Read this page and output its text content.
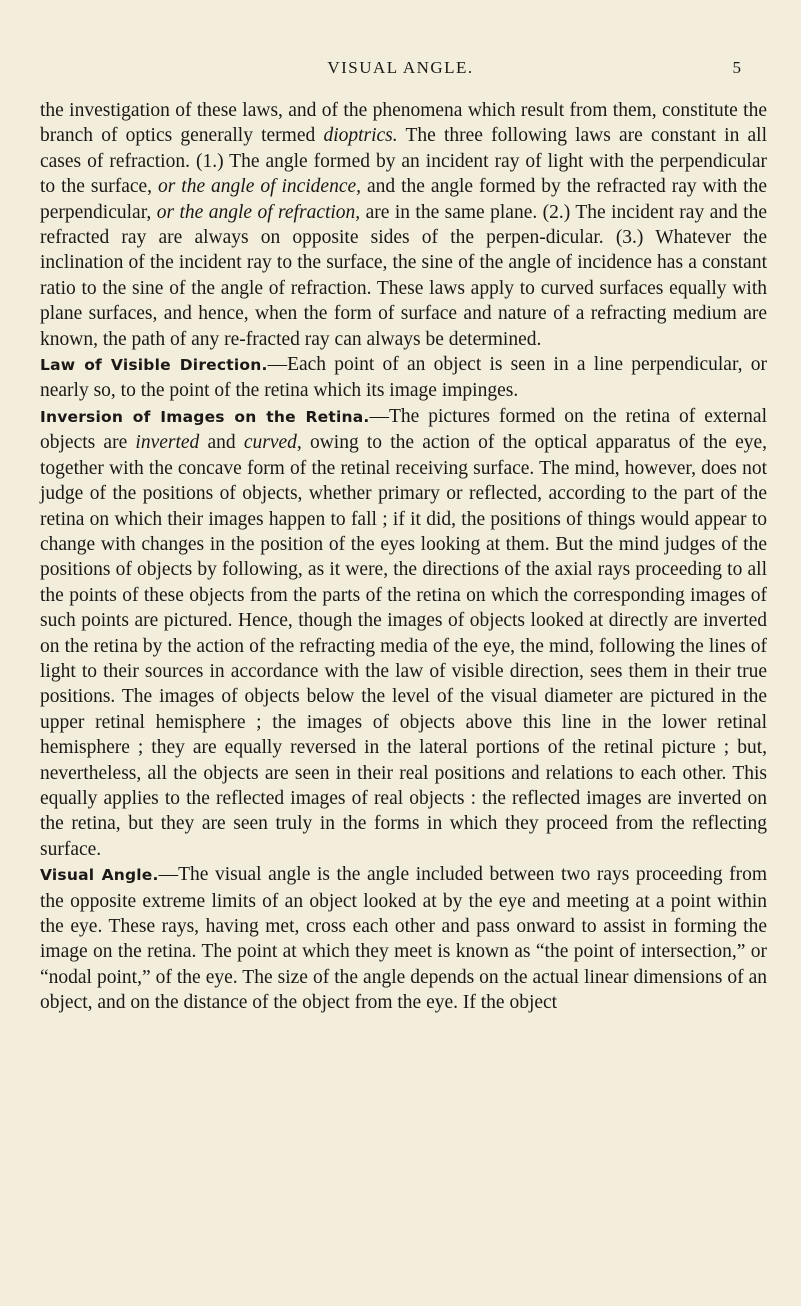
VISUAL ANGLE.	5

the investigation of these laws, and of the phenomena which result from them, constitute the branch of optics generally termed dioptrics. The three following laws are constant in all cases of refraction. (1.) The angle formed by an incident ray of light with the perpendicular to the surface, or the angle of incidence, and the angle formed by the refracted ray with the perpendicular, or the angle of refraction, are in the same plane. (2.) The incident ray and the refracted ray are always on opposite sides of the perpen-dicular. (3.) Whatever the inclination of the incident ray to the surface, the sine of the angle of incidence has a constant ratio to the sine of the angle of refraction. These laws apply to curved surfaces equally with plane surfaces, and hence, when the form of surface and nature of a refracting medium are known, the path of any re-fracted ray can always be determined.

Law of Visible Direction.—Each point of an object is seen in a line perpendicular, or nearly so, to the point of the retina which its image impinges.

Inversion of Images on the Retina.—The pictures formed on the retina of external objects are inverted and curved, owing to the action of the optical apparatus of the eye, together with the concave form of the retinal receiving surface. The mind, however, does not judge of the positions of objects, whether primary or reflected, according to the part of the retina on which their images happen to fall ; if it did, the positions of things would appear to change with changes in the position of the eyes looking at them. But the mind judges of the positions of objects by following, as it were, the directions of the axial rays proceeding to all the points of these objects from the parts of the retina on which the corresponding images of such points are pictured. Hence, though the images of objects looked at directly are inverted on the retina by the action of the refracting media of the eye, the mind, following the lines of light to their sources in accordance with the law of visible direction, sees them in their true positions. The images of objects below the level of the visual diameter are pictured in the upper retinal hemisphere ; the images of objects above this line in the lower retinal hemisphere ; they are equally reversed in the lateral portions of the retinal picture ; but, nevertheless, all the objects are seen in their real positions and relations to each other. This equally applies to the reflected images of real objects : the reflected images are inverted on the retina, but they are seen truly in the forms in which they proceed from the reflecting surface.

Visual Angle.—The visual angle is the angle included between two rays proceeding from the opposite extreme limits of an object looked at by the eye and meeting at a point within the eye. These rays, having met, cross each other and pass onward to assist in forming the image on the retina. The point at which they meet is known as “the point of intersection,” or “nodal point,” of the eye. The size of the angle depends on the actual linear dimensions of an object, and on the distance of the object from the eye. If the object
